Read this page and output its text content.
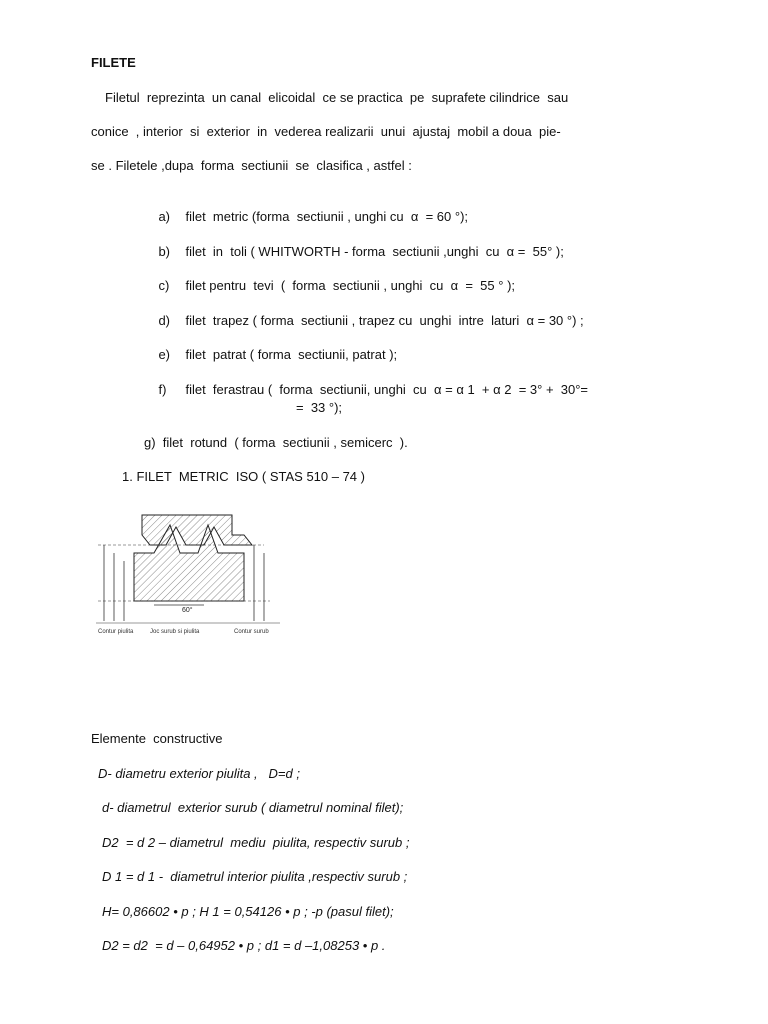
FILETE
Filetul  reprezinta  un canal  elicoidal  ce se practica  pe  suprafete cilindrice  sau
conice  , interior  si  exterior  in  vederea realizarii  unui  ajustaj  mobil a doua  pie-
se . Filetele ,dupa  forma  sectiunii  se  clasifica , astfel :

a) filet  metric (forma  sectiunii , unghi cu  α  = 60 °);

b) filet  in  toli ( WHITWORTH - forma  sectiunii ,unghi  cu  α =  55° );

c) filet pentru  tevi  (  forma  sectiunii , unghi  cu  α  =  55 ° );

d) filet  trapez ( forma  sectiunii , trapez cu  unghi  intre  laturi  α = 30 °) ;

e) filet  patrat ( forma  sectiunii, patrat );

f) filet  ferastrau (  forma  sectiunii, unghi  cu  α = α 1  + α 2  = 3° +  30°=

=  33 °);
g)  filet  rotund  ( forma  sectiunii , semicerc  ).
1. FILET  METRIC  ISO ( STAS 510 – 74 )
60°
Contur piulita	Joc surub si piulita	Contur surub
Elemente  constructive
D- diametru exterior piulita ,   D=d ;
d- diametrul  exterior surub ( diametrul nominal filet);
D2  = d 2 – diametrul  mediu  piulita, respectiv surub ;
D 1 = d 1 -  diametrul interior piulita ,respectiv surub ;
H= 0,86602 • p ; H 1 = 0,54126 • p ; -p (pasul filet);
D2 = d2  = d – 0,64952 • p ; d1 = d –1,08253 • p .
